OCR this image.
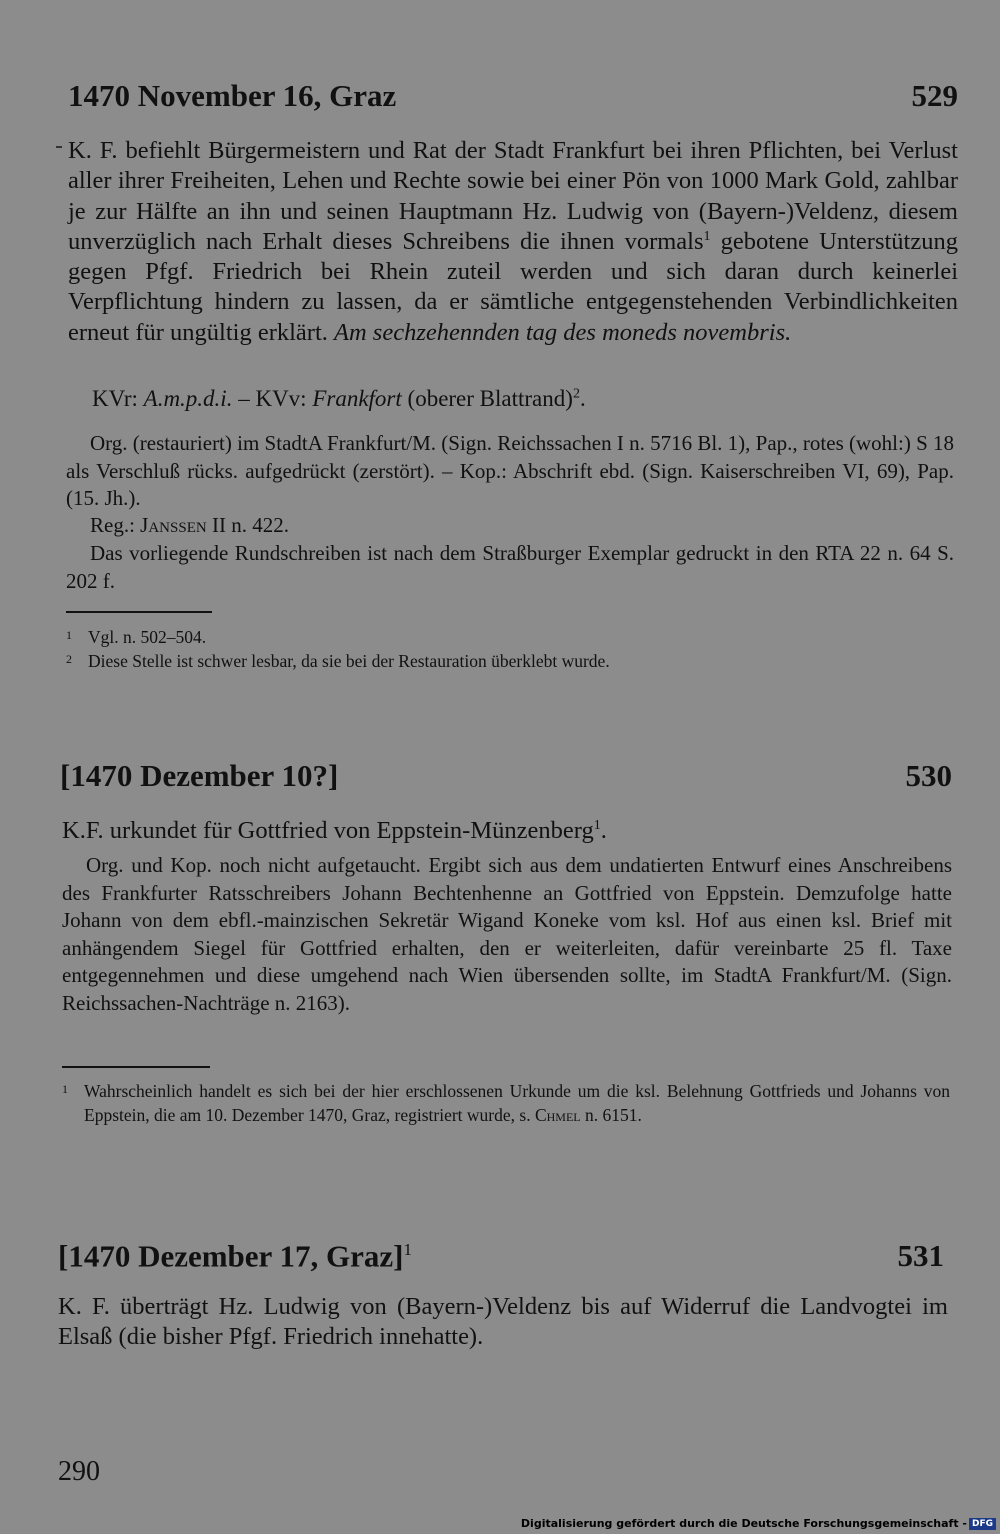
1470 November 16, Graz	529
K. F. befiehlt Bürgermeistern und Rat der Stadt Frankfurt bei ihren Pflichten, bei Verlust aller ihrer Freiheiten, Lehen und Rechte sowie bei einer Pön von 1000 Mark Gold, zahlbar je zur Hälfte an ihn und seinen Hauptmann Hz. Ludwig von (Bayern-)Veldenz, diesem unverzüglich nach Erhalt dieses Schreibens die ihnen vormals$^1$ gebotene Unterstützung gegen Pfgf. Friedrich bei Rhein zuteil werden und sich daran durch keinerlei Verpflichtung hindern zu lassen, da er sämtliche entgegenstehenden Verbindlichkeiten erneut für ungültig erklärt. Am sechzehennden tag des moneds novembris.
KVr: A.m.p.d.i. – KVv: Frankfort (oberer Blattrand)$^2$.
Org. (restauriert) im StadtA Frankfurt/M. (Sign. Reichssachen I n. 5716 Bl. 1), Pap., rotes (wohl:) S 18 als Verschluß rücks. aufgedrückt (zerstört). – Kop.: Abschrift ebd. (Sign. Kaiserschreiben VI, 69), Pap. (15. Jh.).
Reg.: Janssen II n. 422.
Das vorliegende Rundschreiben ist nach dem Straßburger Exemplar gedruckt in den RTA 22 n. 64 S. 202 f.
1 Vgl. n. 502–504.
2 Diese Stelle ist schwer lesbar, da sie bei der Restauration überklebt wurde.
[1470 Dezember 10?]	530
K.F. urkundet für Gottfried von Eppstein-Münzenberg$^1$.
Org. und Kop. noch nicht aufgetaucht. Ergibt sich aus dem undatierten Entwurf eines Anschreibens des Frankfurter Ratsschreibers Johann Bechtenhenne an Gottfried von Eppstein. Demzufolge hatte Johann von dem ebfl.-mainzischen Sekretär Wigand Koneke vom ksl. Hof aus einen ksl. Brief mit anhängendem Siegel für Gottfried erhalten, den er weiterleiten, dafür vereinbarte 25 fl. Taxe entgegennehmen und diese umgehend nach Wien übersenden sollte, im StadtA Frankfurt/M. (Sign. Reichssachen-Nachträge n. 2163).
1 Wahrscheinlich handelt es sich bei der hier erschlossenen Urkunde um die ksl. Belehnung Gottfrieds und Johanns von Eppstein, die am 10. Dezember 1470, Graz, registriert wurde, s. Chmel n. 6151.
[1470 Dezember 17, Graz]$^1$	531
K. F. überträgt Hz. Ludwig von (Bayern-)Veldenz bis auf Widerruf die Landvogtei im Elsaß (die bisher Pfgf. Friedrich innehatte).
290
Digitalisierung gefördert durch die Deutsche Forschungsgemeinschaft - DFG
